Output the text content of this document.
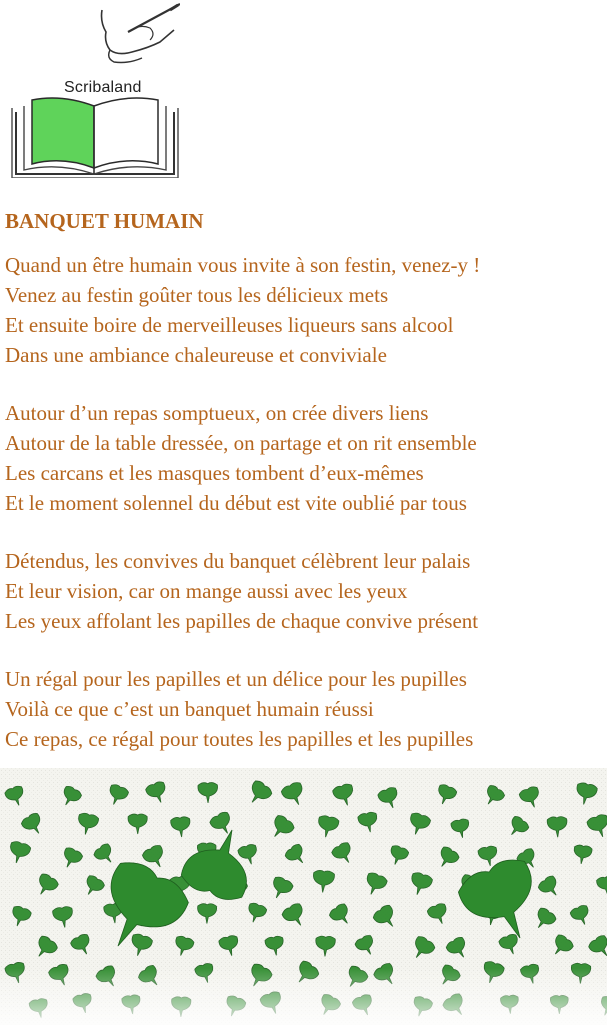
Scribaland
BANQUET HUMAIN
Quand un être humain vous invite à son festin, venez-y !
Venez au festin goûter tous les délicieux mets
Et ensuite boire de merveilleuses liqueurs sans alcool
Dans une ambiance chaleureuse et conviviale
Autour d’un repas somptueux, on crée divers liens
Autour de la table dressée, on partage et on rit ensemble
Les carcans et les masques tombent d’eux-mêmes
Et le moment solennel du début est vite oublié par tous
Détendus, les convives du banquet célèbrent leur palais
Et leur vision, car on mange aussi avec les yeux
Les yeux affolant les papilles de chaque convive présent
Un régal pour les papilles et un délice pour les pupilles
Voilà ce que c’est un banquet humain réussi
Ce repas, ce régal pour toutes les papilles et les pupilles
